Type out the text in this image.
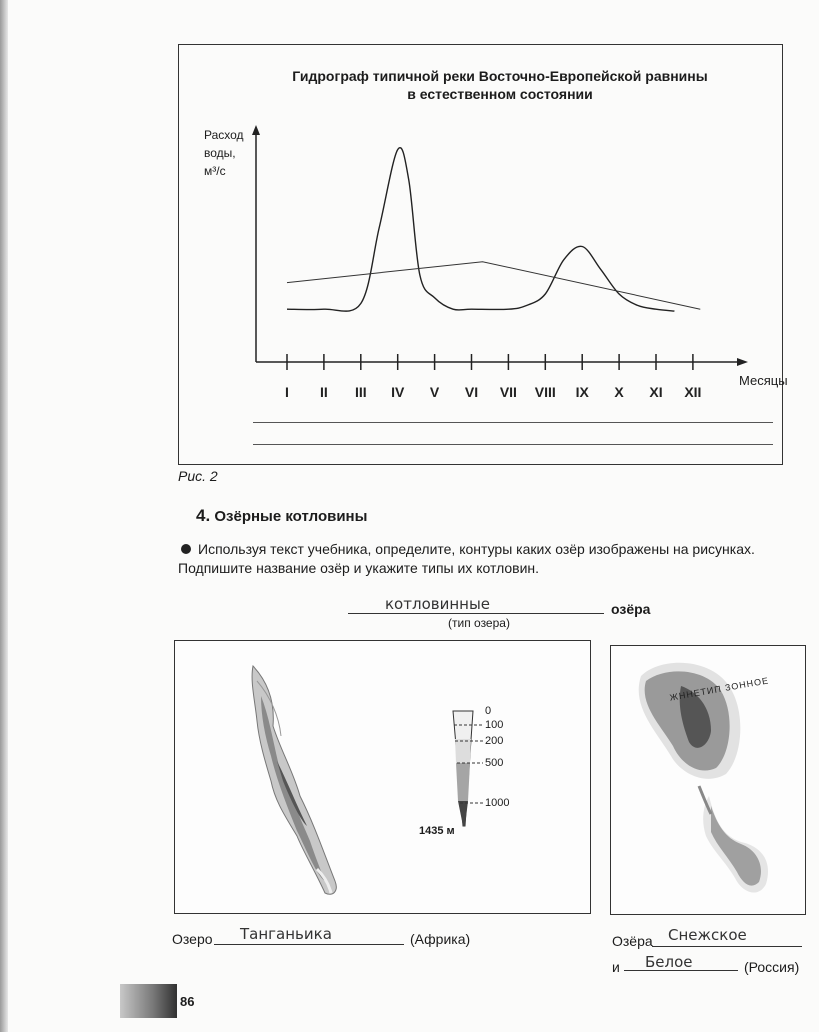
Гидрограф типичной реки Восточно-Европейской равнины
в естественном состоянии
Расход
воды,
м³/с
I II III IV V VI VII VIII IX X XI XII
Месяцы
Рис. 2
4. Озёрные котловины
Используя текст учебника, определите, контуры каких озёр изображены на рисунках.
Подпишите название озёр и укажите типы их котловин.
котловинные	озёра
(тип озера)
0
100
200
500
1000
1435 м
ЖННЕТИП ЗОННОЕ
Озеро Танганьика	(Африка)	Озёра Снежское
и Белое	(Россия)
86
